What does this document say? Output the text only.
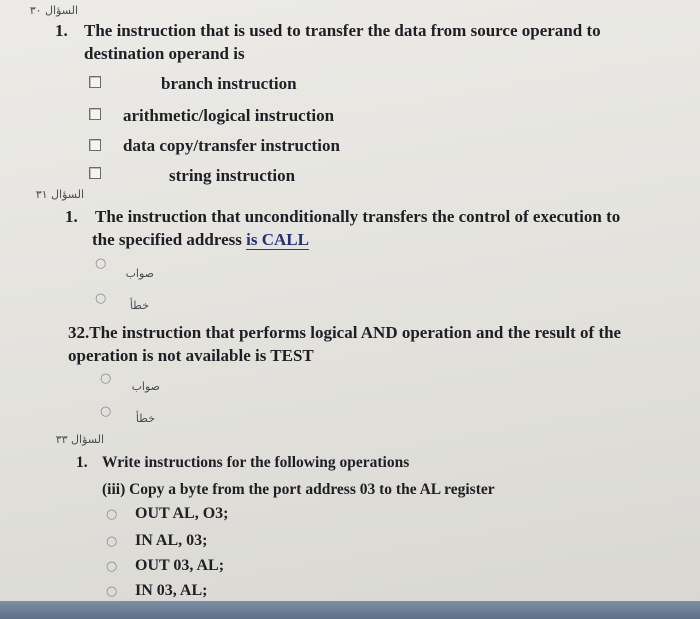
السؤال ٣٠
1. The instruction that is used to transfer the data from source operand to
destination operand is
branch instruction
arithmetic/logical instruction
data copy/transfer instruction
string instruction
السؤال ٣١
1. The instruction that unconditionally transfers the control of execution to
the specified address is CALL
○
صواب
○	خطأ
32.The instruction that performs logical AND operation and the result of the
operation is not available is TEST
○
صواب
○	خطأ
السؤال ٣٣
1. Write instructions for the following operations
(iii) Copy a byte from the port address 03 to the AL register
○ OUT AL, O3;
○ IN AL, 03;
○ OUT 03, AL;
○ IN 03, AL;
